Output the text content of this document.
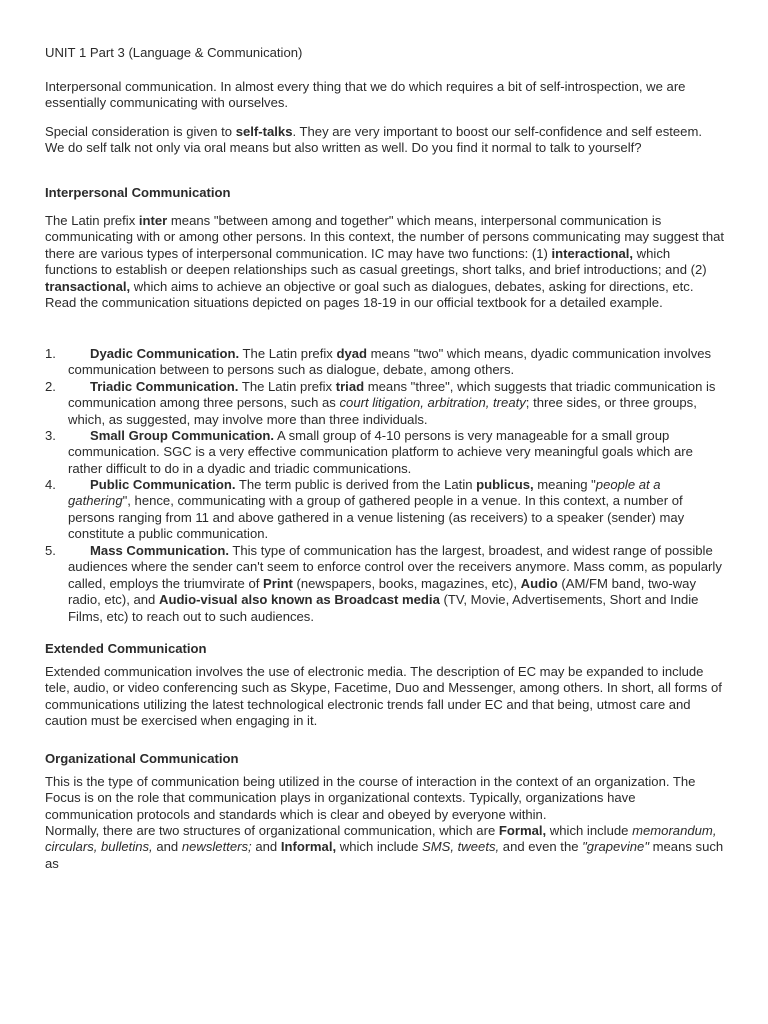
UNIT 1 Part 3 (Language & Communication)

Interpersonal communication. In almost every thing that we do which requires a bit of self-introspection, we are essentially communicating with ourselves.

Special consideration is given to self-talks. They are very important to boost our self-confidence and self esteem. We do self talk not only via oral means but also written as well. Do you find it normal to talk to yourself?

Interpersonal Communication

The Latin prefix inter means "between among and together" which means, interpersonal communication is communicating with or among other persons. In this context, the number of persons communicating may suggest that there are various types of interpersonal communication. IC may have two functions: (1) interactional, which functions to establish or deepen relationships such as casual greetings, short talks, and brief introductions; and (2) transactional, which aims to achieve an objective or goal such as dialogues, debates, asking for directions, etc. Read the communication situations depicted on pages 18-19 in our official textbook for a detailed example.

1.	Dyadic Communication. The Latin prefix dyad means "two" which means, dyadic communication involves communication between to persons such as dialogue, debate, among others.
2.	Triadic Communication. The Latin prefix triad means "three", which suggests that triadic communication is communication among three persons, such as court litigation, arbitration, treaty; three sides, or three groups, which, as suggested, may involve more than three individuals.
3.	Small Group Communication. A small group of 4-10 persons is very manageable for a small group communication. SGC is a very effective communication platform to achieve very meaningful goals which are rather difficult to do in a dyadic and triadic communications.
4.	Public Communication. The term public is derived from the Latin publicus, meaning "people at a gathering", hence, communicating with a group of gathered people in a venue. In this context, a number of persons ranging from 11 and above gathered in a venue listening (as receivers) to a speaker (sender) may constitute a public communication.
5.	Mass Communication. This type of communication has the largest, broadest, and widest range of possible audiences where the sender can't seem to enforce control over the receivers anymore. Mass comm, as popularly called, employs the triumvirate of Print (newspapers, books, magazines, etc), Audio (AM/FM band, two-way radio, etc), and Audio-visual also known as Broadcast media (TV, Movie, Advertisements, Short and Indie Films, etc) to reach out to such audiences.

Extended Communication

Extended communication involves the use of electronic media. The description of EC may be expanded to include tele, audio, or video conferencing such as Skype, Facetime, Duo and Messenger, among others. In short, all forms of communications utilizing the latest technological electronic trends fall under EC and that being, utmost care and caution must be exercised when engaging in it.

Organizational Communication

This is the type of communication being utilized in the course of interaction in the context of an organization. The Focus is on the role that communication plays in organizational contexts. Typically, organizations have communication protocols and standards which is clear and obeyed by everyone within.

Normally, there are two structures of organizational communication, which are Formal, which include memorandum, circulars, bulletins, and newsletters; and Informal, which include SMS, tweets, and even the "grapevine" means such as
